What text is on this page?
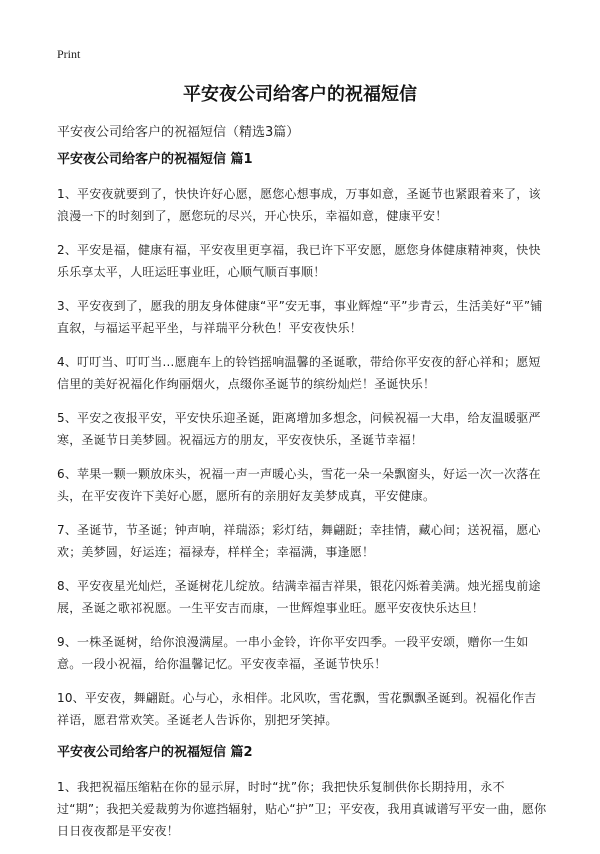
Print
平安夜公司给客户的祝福短信
平安夜公司给客户的祝福短信（精选3篇）
平安夜公司给客户的祝福短信 篇1

1、平安夜就要到了，快快许好心愿，愿您心想事成，万事如意，圣诞节也紧跟着来了，该浪漫一下的时刻到了，愿您玩的尽兴，开心快乐，幸福如意，健康平安！

2、平安是福，健康有福，平安夜里更享福，我已许下平安愿，愿您身体健康精神爽，快快乐乐享太平，人旺运旺事业旺，心顺气顺百事顺！

3、平安夜到了，愿我的朋友身体健康“平”安无事，事业辉煌“平”步青云，生活美好“平”铺直叙，与福运平起平坐，与祥瑞平分秋色！平安夜快乐！

4、叮叮当、叮叮当…愿鹿车上的铃铛摇响温馨的圣诞歌，带给你平安夜的舒心祥和；愿短信里的美好祝福化作绚丽烟火，点缀你圣诞节的缤纷灿烂！圣诞快乐！

5、平安之夜报平安，平安快乐迎圣诞，距离增加多想念，问候祝福一大串，给友温暖驱严寒，圣诞节日美梦圆。祝福远方的朋友，平安夜快乐，圣诞节幸福！

6、苹果一颗一颗放床头，祝福一声一声暖心头，雪花一朵一朵飘窗头，好运一次一次落在头，在平安夜许下美好心愿，愿所有的亲朋好友美梦成真，平安健康。

7、圣诞节，节圣诞；钟声响，祥瑞添；彩灯结，舞翩跹；幸挂情，藏心间；送祝福，愿心欢；美梦圆，好运连；福禄寿，样样全；幸福满，事逢愿！

8、平安夜星光灿烂，圣诞树花儿绽放。结满幸福吉祥果，银花闪烁着美满。烛光摇曳前途展，圣诞之歌祁祝愿。一生平安吉而康，一世辉煌事业旺。愿平安夜快乐达旦！

9、一株圣诞树，给你浪漫满屋。一串小金铃，许你平安四季。一段平安颂，赠你一生如意。一段小祝福，给你温馨记忆。平安夜幸福，圣诞节快乐！

10、平安夜，舞翩跹。心与心，永相伴。北风吹，雪花飘，雪花飘飘圣诞到。祝福化作吉祥语，愿君常欢笑。圣诞老人告诉你，别把牙笑掉。

平安夜公司给客户的祝福短信 篇2

1、我把祝福压缩粘在你的显示屏，时时“扰”你；我把快乐复制供你长期持用，永不过“期”；我把关爱裁剪为你遮挡辐射，贴心“护”卫；平安夜，我用真诚谱写平安一曲，愿你日日夜夜都是平安夜！
